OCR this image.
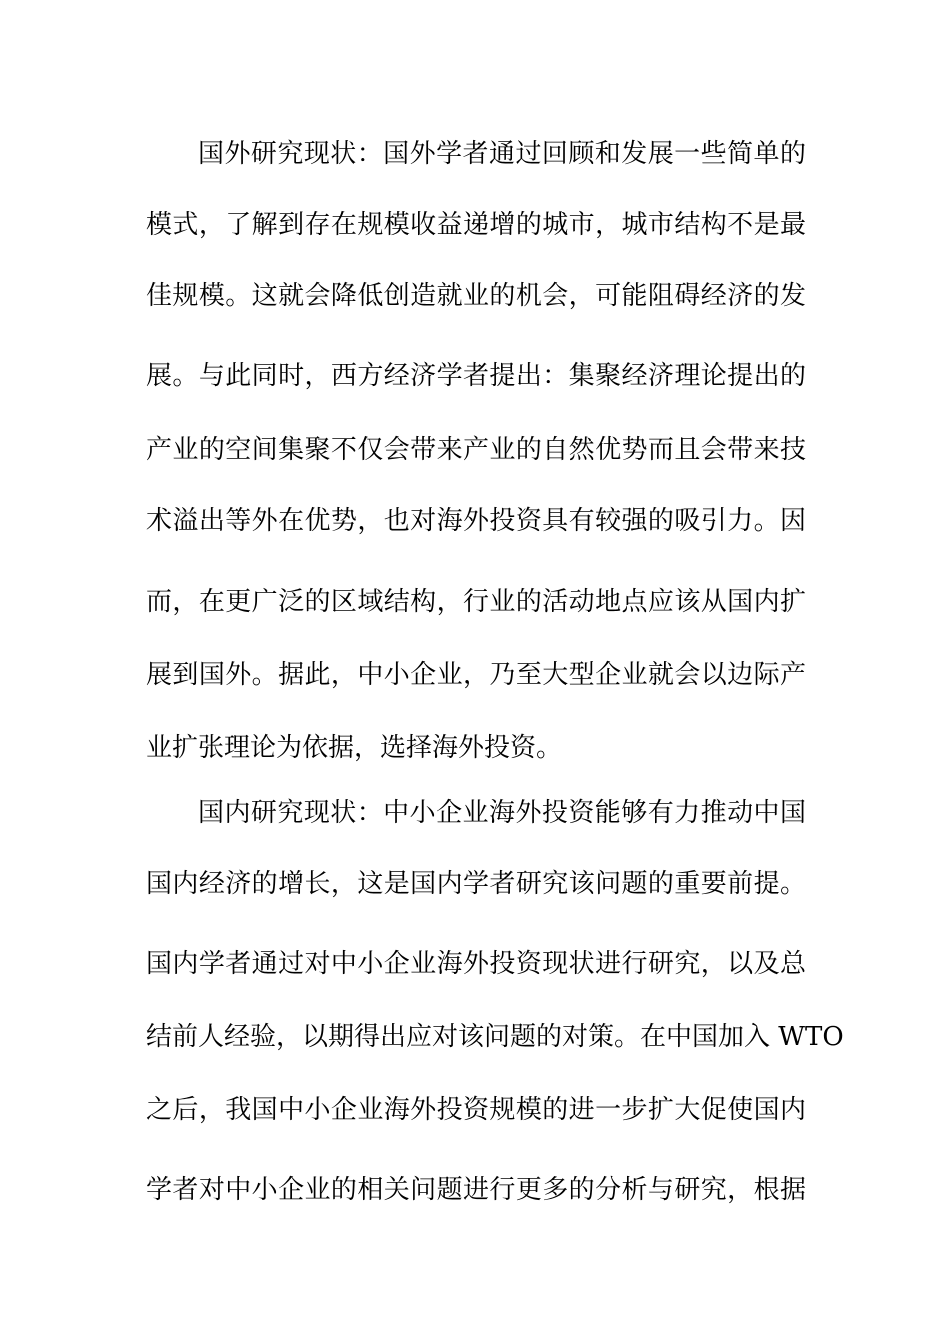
国外研究现状：国外学者通过回顾和发展一些简单的
模式，了解到存在规模收益递增的城市，城市结构不是最
佳规模。这就会降低创造就业的机会，可能阻碍经济的发
展。与此同时，西方经济学者提出：集聚经济理论提出的
产业的空间集聚不仅会带来产业的自然优势而且会带来技
术溢出等外在优势，也对海外投资具有较强的吸引力。因
而，在更广泛的区域结构，行业的活动地点应该从国内扩
展到国外。据此，中小企业，乃至大型企业就会以边际产
业扩张理论为依据，选择海外投资。
国内研究现状：中小企业海外投资能够有力推动中国
国内经济的增长，这是国内学者研究该问题的重要前提。
国内学者通过对中小企业海外投资现状进行研究，以及总
结前人经验，以期得出应对该问题的对策。在中国加入 WTO
之后，我国中小企业海外投资规模的进一步扩大促使国内
学者对中小企业的相关问题进行更多的分析与研究，根据
